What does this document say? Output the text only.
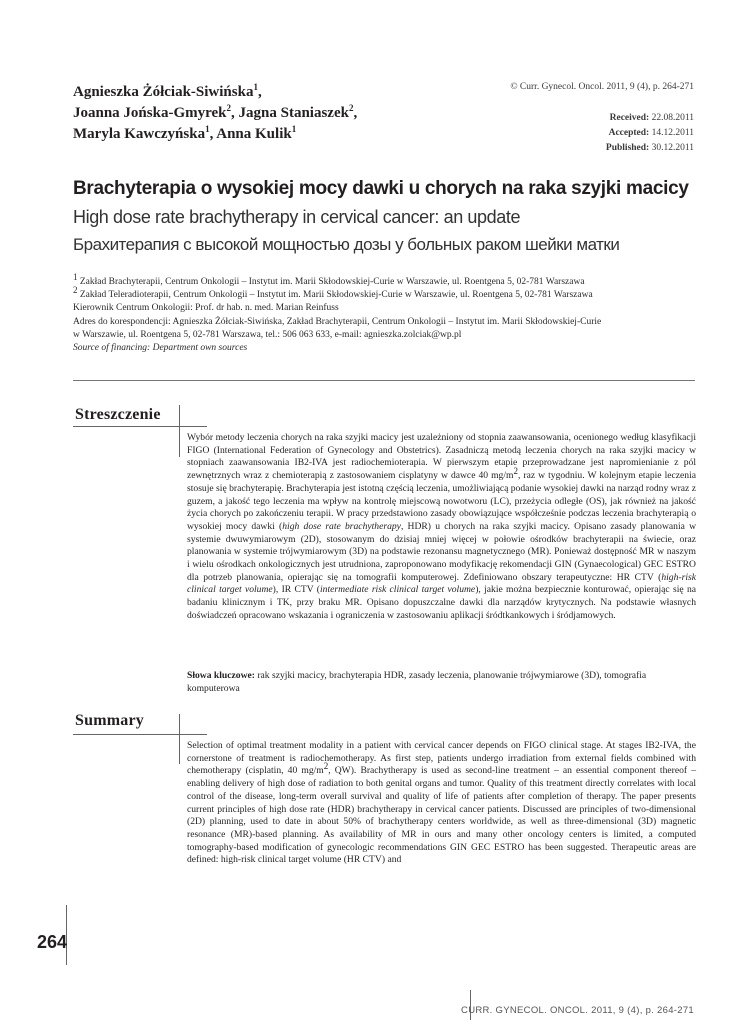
Agnieszka Żółciak-Siwińska$^1$,
Joanna Jońska-Gmyrek$^2$, Jagna Staniaszek$^2$,
Maryla Kawczyńska$^1$, Anna Kulik$^1$
© Curr. Gynecol. Oncol. 2011, 9 (4), p. 264-271
Received: 22.08.2011
Accepted: 14.12.2011
Published: 30.12.2011
Brachyterapia o wysokiej mocy dawki u chorych na raka szyjki macicy
High dose rate brachytherapy in cervical cancer: an update
Брахитерапия с высокой мощностью дозы у больных раком шейки матки
$^1$ Zakład Brachyterapii, Centrum Onkologii – Instytut im. Marii Skłodowskiej-Curie w Warszawie, ul. Roentgena 5, 02-781 Warszawa
$^2$ Zakład Teleradioterapii, Centrum Onkologii – Instytut im. Marii Skłodowskiej-Curie w Warszawie, ul. Roentgena 5, 02-781 Warszawa
Kierownik Centrum Onkologii: Prof. dr hab. n. med. Marian Reinfuss
Adres do korespondencji: Agnieszka Żółciak-Siwińska, Zakład Brachyterapii, Centrum Onkologii – Instytut im. Marii Skłodowskiej-Curie
w Warszawie, ul. Roentgena 5, 02-781 Warszawa, tel.: 506 063 633, e-mail: agnieszka.zolciak@wp.pl
Source of financing: Department own sources
Streszczenie
Wybór metody leczenia chorych na raka szyjki macicy jest uzależniony od stopnia zaawansowania, ocenionego według klasyfikacji FIGO (International Federation of Gynecology and Obstetrics). Zasadniczą metodą leczenia chorych na raka szyjki macicy w stopniach zaawansowania IB2-IVA jest radiochemioterapia. W pierwszym etapie przeprowadzane jest napromienianie z pól zewnętrznych wraz z chemioterapią z zastosowaniem cisplatyny w dawce 40 $mg/m^2$, raz w tygodniu. W kolejnym etapie leczenia stosuje się brachyterapię. Brachyterapia jest istotną częścią leczenia, umożliwiającą podanie wysokiej dawki na narząd rodny wraz z guzem, a jakość tego leczenia ma wpływ na kontrolę miejscową nowotworu (LC), przeżycia odległe (OS), jak również na jakość życia chorych po zakończeniu terapii. W pracy przedstawiono zasady obowiązujące współcześnie podczas leczenia brachyterapią o wysokiej mocy dawki (high dose rate brachytherapy, HDR) u chorych na raka szyjki macicy. Opisano zasady planowania w systemie dwuwymiarowym (2D), stosowanym do dzisiaj mniej więcej w połowie ośrodków brachyterapii na świecie, oraz planowania w systemie trójwymiarowym (3D) na podstawie rezonansu magnetycznego (MR). Ponieważ dostępność MR w naszym i wielu ośrodkach onkologicznych jest utrudniona, zaproponowano modyfikację rekomendacji GIN (Gynaecological) GEC ESTRO dla potrzeb planowania, opierając się na tomografii komputerowej. Zdefiniowano obszary terapeutyczne: HR CTV (high-risk clinical target volume), IR CTV (intermediate risk clinical target volume), jakie można bezpiecznie konturować, opierając się na badaniu klinicznym i TK, przy braku MR. Opisano dopuszczalne dawki dla narządów krytycznych. Na podstawie własnych doświadczeń opracowano wskazania i ograniczenia w zastosowaniu aplikacji śródtkankowych i śródjamowych.
Słowa kluczowe: rak szyjki macicy, brachyterapia HDR, zasady leczenia, planowanie trójwymiarowe (3D), tomografia komputerowa
Summary
Selection of optimal treatment modality in a patient with cervical cancer depends on FIGO clinical stage. At stages IB2-IVA, the cornerstone of treatment is radiochemotherapy. As first step, patients undergo irradiation from external fields combined with chemotherapy (cisplatin, 40 $mg/m^2$, QW). Brachytherapy is used as second-line treatment – an essential component thereof – enabling delivery of high dose of radiation to both genital organs and tumor. Quality of this treatment directly correlates with local control of the disease, long-term overall survival and quality of life of patients after completion of therapy. The paper presents current principles of high dose rate (HDR) brachytherapy in cervical cancer patients. Discussed are principles of two-dimensional (2D) planning, used to date in about 50% of brachytherapy centers worldwide, as well as three-dimensional (3D) magnetic resonance (MR)-based planning. As availability of MR in ours and many other oncology centers is limited, a computed tomography-based modification of gynecologic recommendations GIN GEC ESTRO has been suggested. Therapeutic areas are defined: high-risk clinical target volume (HR CTV) and
264
CURR. GYNECOL. ONCOL. 2011, 9 (4), p. 264-271
